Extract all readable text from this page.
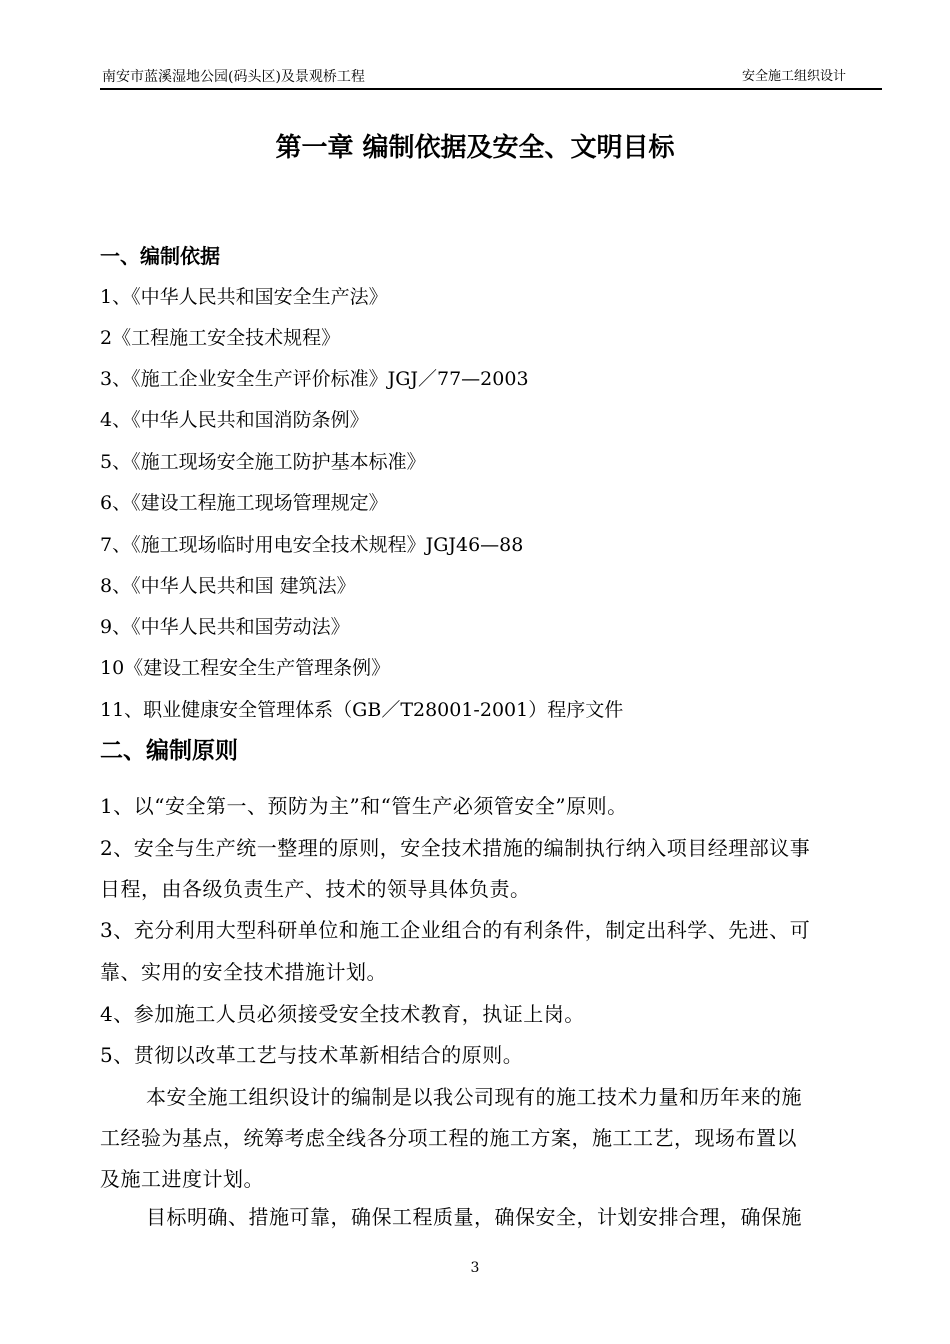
南安市蓝溪湿地公园(码头区)及景观桥工程	安全施工组织设计
第一章 编制依据及安全、文明目标
一、编制依据
1、《中华人民共和国安全生产法》
2《工程施工安全技术规程》
3、《施工企业安全生产评价标准》JGJ／77—2003
4、《中华人民共和国消防条例》
5、《施工现场安全施工防护基本标准》
6、《建设工程施工现场管理规定》
7、《施工现场临时用电安全技术规程》JGJ46—88
8、《中华人民共和国 建筑法》
9、《中华人民共和国劳动法》
10《建设工程安全生产管理条例》
11、职业健康安全管理体系（GB／T28001-2001）程序文件
二、编制原则
1、以“安全第一、预防为主”和“管生产必须管安全”原则。
2、安全与生产统一整理的原则，安全技术措施的编制执行纳入项目经理部议事
日程，由各级负责生产、技术的领导具体负责。
3、充分利用大型科研单位和施工企业组合的有利条件，制定出科学、先进、可
靠、实用的安全技术措施计划。
4、参加施工人员必须接受安全技术教育，执证上岗。
5、贯彻以改革工艺与技术革新相结合的原则。
本安全施工组织设计的编制是以我公司现有的施工技术力量和历年来的施
工经验为基点，统筹考虑全线各分项工程的施工方案，施工工艺，现场布置以
及施工进度计划。
目标明确、措施可靠，确保工程质量，确保安全，计划安排合理，确保施
3
